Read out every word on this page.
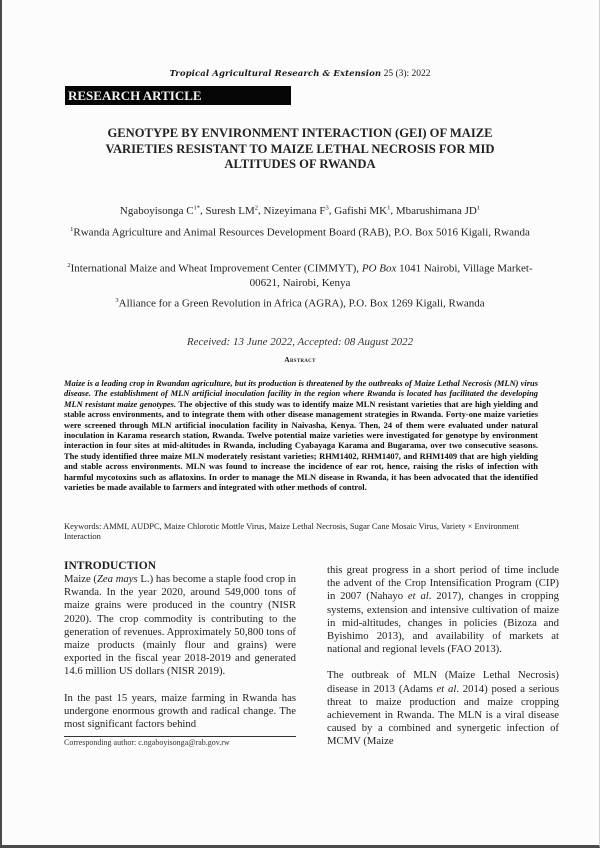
Tropical Agricultural Research & Extension 25 (3): 2022
RESEARCH ARTICLE
GENOTYPE BY ENVIRONMENT INTERACTION (GEI) OF MAIZE VARIETIES RESISTANT TO MAIZE LETHAL NECROSIS FOR MID ALTITUDES OF RWANDA
Ngaboyisonga $C^{1*}$, Suresh $LM^2$, Nizeyimana $F^3$, Gafishi $MK^1$, Mbarushimana $JD^1$
$^1$Rwanda Agriculture and Animal Resources Development Board (RAB), P.O. Box 5016 Kigali, Rwanda
$^2$International Maize and Wheat Improvement Center (CIMMYT), PO Box 1041 Nairobi, Village Market-00621, Nairobi, Kenya
$^3$Alliance for a Green Revolution in Africa (AGRA), P.O. Box 1269 Kigali, Rwanda
Received: 13 June 2022, Accepted: 08 August 2022
Abstract
Maize is a leading crop in Rwandan agriculture, but its production is threatened by the outbreaks of Maize Lethal Necrosis (MLN) virus disease. The establishment of MLN artificial inoculation facility in the region where Rwanda is located has facilitated the developing MLN resistant maize genotypes. The objective of this study was to identify maize MLN resistant varieties that are high yielding and stable across environments, and to integrate them with other disease management strategies in Rwanda. Forty-one maize varieties were screened through MLN artificial inoculation facility in Naivasha, Kenya. Then, 24 of them were evaluated under natural inoculation in Karama research station, Rwanda. Twelve potential maize varieties were investigated for genotype by environment interaction in four sites at mid-altitudes in Rwanda, including Cyabayaga Karama and Bugarama, over two consecutive seasons. The study identified three maize MLN moderately resistant varieties; RHM1402, RHM1407, and RHM1409 that are high yielding and stable across environments. MLN was found to increase the incidence of ear rot, hence, raising the risks of infection with harmful mycotoxins such as aflatoxins. In order to manage the MLN disease in Rwanda, it has been advocated that the identified varieties be made available to farmers and integrated with other methods of control.
Keywords: AMMI, AUDPC, Maize Chlorotic Mottle Virus, Maize Lethal Necrosis, Sugar Cane Mosaic Virus, Variety × Environment Interaction
INTRODUCTION

Maize (Zea mays L.) has become a staple food crop in Rwanda. In the year 2020, around 549,000 tons of maize grains were produced in the country (NISR 2020). The crop commodity is contributing to the generation of revenues. Approximately 50,800 tons of maize products (mainly flour and grains) were exported in the fiscal year 2018-2019 and generated 14.6 million US dollars (NISR 2019).

In the past 15 years, maize farming in Rwanda has undergone enormous growth and radical change. The most significant factors behind

this great progress in a short period of time include the advent of the Crop Intensification Program (CIP) in 2007 (Nahayo et al. 2017), changes in cropping systems, extension and intensive cultivation of maize in mid-altitudes, changes in policies (Bizoza and Byishimo 2013), and availability of markets at national and regional levels (FAO 2013).

The outbreak of MLN (Maize Lethal Necrosis) disease in 2013 (Adams et al. 2014) posed a serious threat to maize production and maize cropping achievement in Rwanda. The MLN is a viral disease caused by a combined and synergetic infection of MCMV (Maize

Corresponding author: c.ngaboyisonga@rab.gov.rw
